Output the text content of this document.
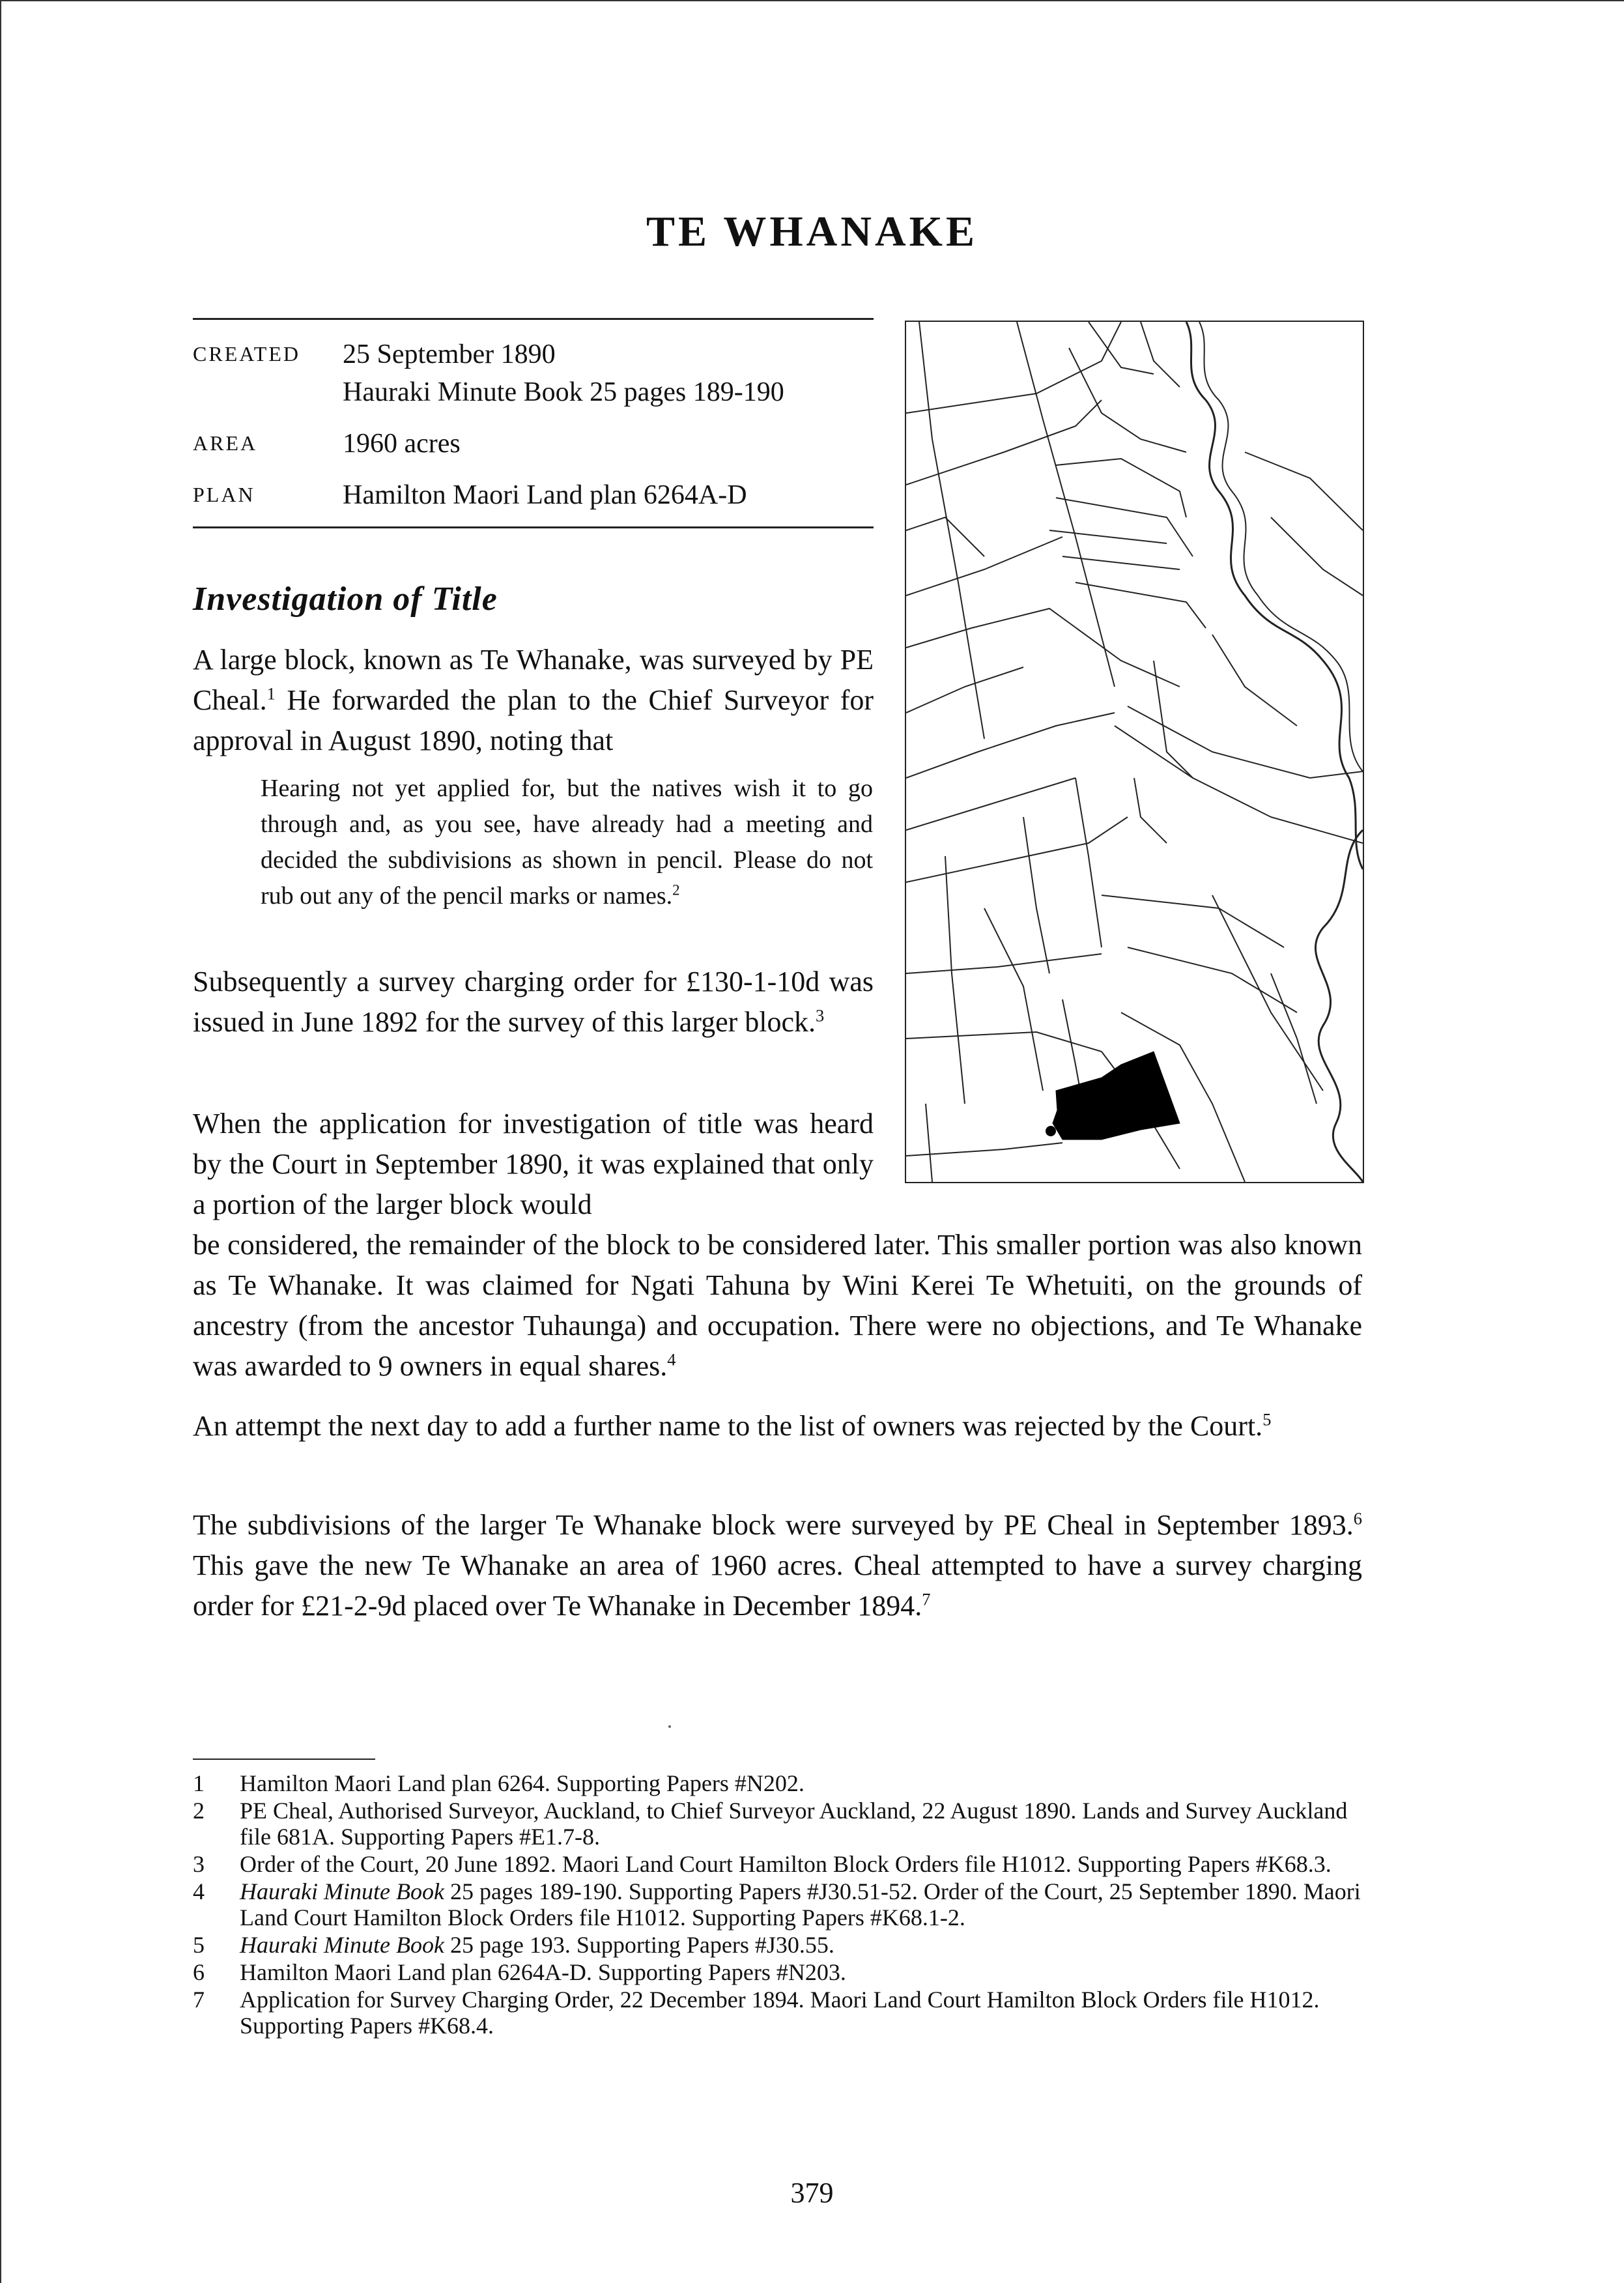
TE WHANAKE
CREATED 25 September 1890
Hauraki Minute Book 25 pages 189-190
AREA	1960 acres
PLAN	Hamilton Maori Land plan 6264A-D
Investigation of Title
A large block, known as Te Whanake, was surveyed by PE Cheal.$^1$ He forwarded the plan to the Chief Surveyor for approval in August 1890, noting that
Hearing not yet applied for, but the natives wish it to go through and, as you see, have already had a meeting and decided the subdivisions as shown in pencil. Please do not rub out any of the pencil marks or names.$^2$
Subsequently a survey charging order for £130-1-10d was issued in June 1892 for the survey of this larger block.$^3$
When the application for investigation of title was heard by the Court in September 1890, it was explained that only a portion of the larger block would
be considered, the remainder of the block to be considered later. This smaller portion was also known as Te Whanake. It was claimed for Ngati Tahuna by Wini Kerei Te Whetuiti, on the grounds of ancestry (from the ancestor Tuhaunga) and occupation. There were no objections, and Te Whanake was awarded to 9 owners in equal shares.$^4$
An attempt the next day to add a further name to the list of owners was rejected by the Court.$^5$
The subdivisions of the larger Te Whanake block were surveyed by PE Cheal in September 1893.$^6$ This gave the new Te Whanake an area of 1960 acres. Cheal attempted to have a survey charging order for £21-2-9d placed over Te Whanake in December 1894.$^7$
1	Hamilton Maori Land plan 6264. Supporting Papers #N202.
2	PE Cheal, Authorised Surveyor, Auckland, to Chief Surveyor Auckland, 22 August 1890. Lands and Survey Auckland file 681A. Supporting Papers #E1.7-8.
3	Order of the Court, 20 June 1892. Maori Land Court Hamilton Block Orders file H1012. Supporting Papers #K68.3.
4	Hauraki Minute Book 25 pages 189-190. Supporting Papers #J30.51-52. Order of the Court, 25 September 1890. Maori Land Court Hamilton Block Orders file H1012. Supporting Papers #K68.1-2.
5	Hauraki Minute Book 25 page 193. Supporting Papers #J30.55.
6	Hamilton Maori Land plan 6264A-D. Supporting Papers #N203.
7	Application for Survey Charging Order, 22 December 1894. Maori Land Court Hamilton Block Orders file H1012. Supporting Papers #K68.4.
379
